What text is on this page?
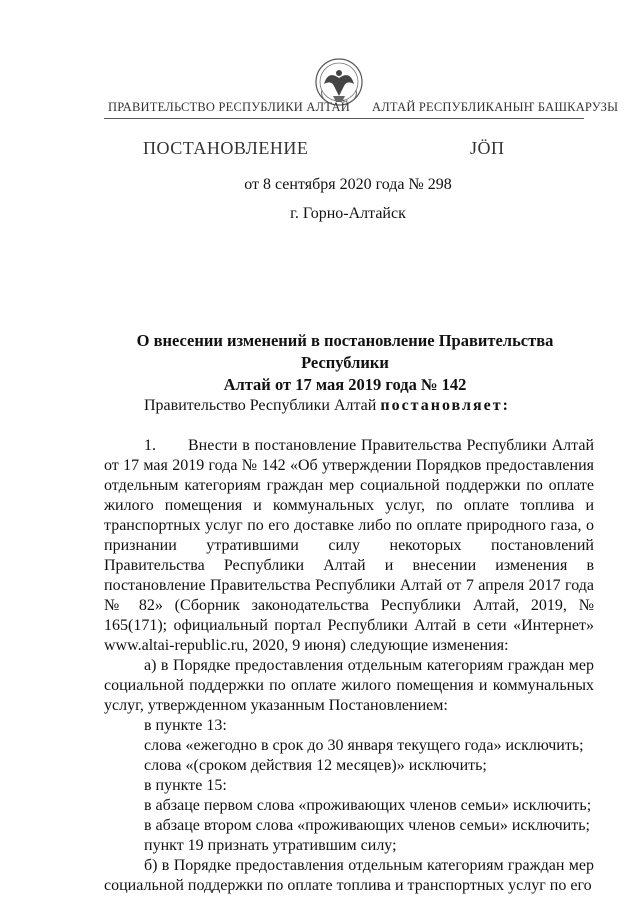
ПРАВИТЕЛЬСТВО РЕСПУБЛИКИ АЛТАЙ АЛТАЙ РЕСПУБЛИКАНЫҤ БАШКАРУЗЫ
ПОСТАНОВЛЕНИЕ	ЈӦП
от 8 сентября 2020 года № 298
г. Горно-Алтайск
О внесении изменений в постановление Правительства Республики
Алтай от 17 мая 2019 года № 142

Правительство Республики Алтай постановляет:

1. Внести в постановление Правительства Республики Алтай от 17 мая 2019 года № 142 «Об утверждении Порядков предоставления отдельным категориям граждан мер социальной поддержки по оплате жилого помещения и коммунальных услуг, по оплате топлива и транспортных услуг по его доставке либо по оплате природного газа, о признании утратившими силу некоторых постановлений Правительства Республики Алтай и внесении изменения в постановление Правительства Республики Алтай от 7 апреля 2017 года № 82» (Сборник законодательства Республики Алтай, 2019, № 165(171); официальный портал Республики Алтай в сети «Интернет» www.altai-republic.ru, 2020, 9 июня) следующие изменения:

а) в Порядке предоставления отдельным категориям граждан мер социальной поддержки по оплате жилого помещения и коммунальных услуг, утвержденном указанным Постановлением:

в пункте 13:

слова «ежегодно в срок до 30 января текущего года» исключить;

слова «(сроком действия 12 месяцев)» исключить;

в пункте 15:

в абзаце первом слова «проживающих членов семьи» исключить;

в абзаце втором слова «проживающих членов семьи» исключить;

пункт 19 признать утратившим силу;

б) в Порядке предоставления отдельным категориям граждан мер социальной поддержки по оплате топлива и транспортных услуг по его
